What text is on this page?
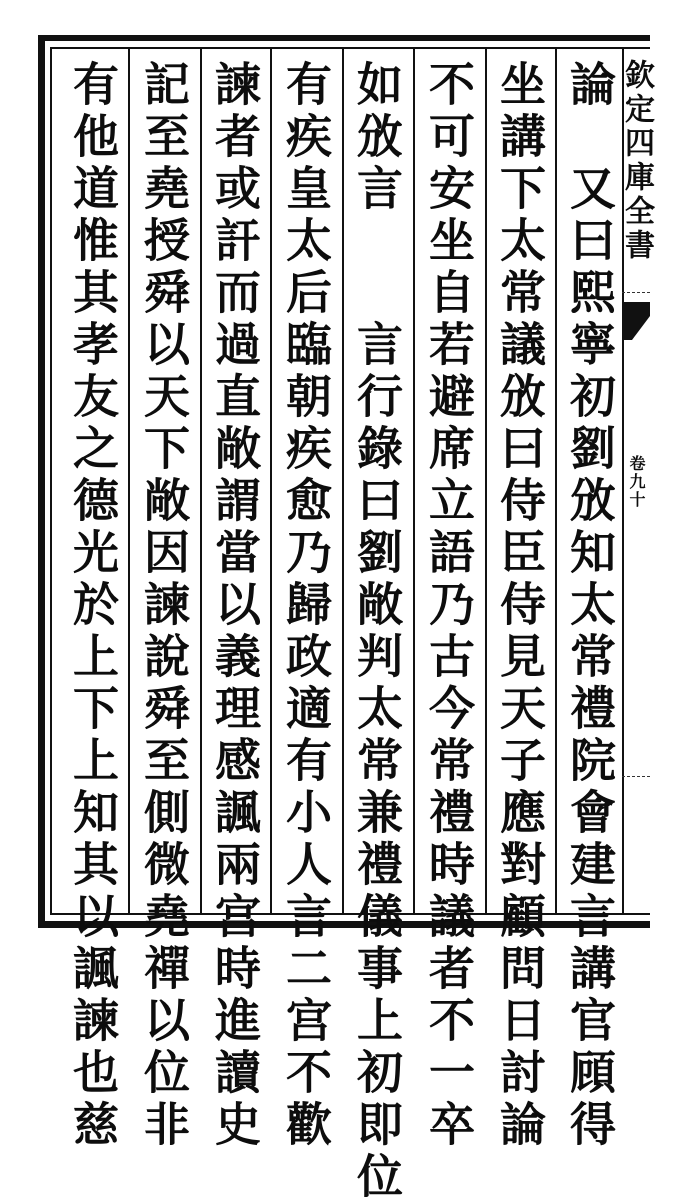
欽定四庫全書
卷九十
論　又曰熙寧初劉攽知太常禮院會建言講官頋得
坐講下太常議攽曰侍臣侍見天子應對顧問日討論
不可安坐自若避席立語乃古今常禮時議者不一卒
如攽言　　言行錄曰劉敞判太常兼禮儀事上初即位
有疾皇太后臨朝疾愈乃歸政適有小人言二宫不歡
諫者或訐而過直敞謂當以義理感諷兩宫時進讀史
記至堯授舜以天下敞因諫說舜至側微堯禪以位非
有他道惟其孝友之德光於上下上知其以諷諫也慈
